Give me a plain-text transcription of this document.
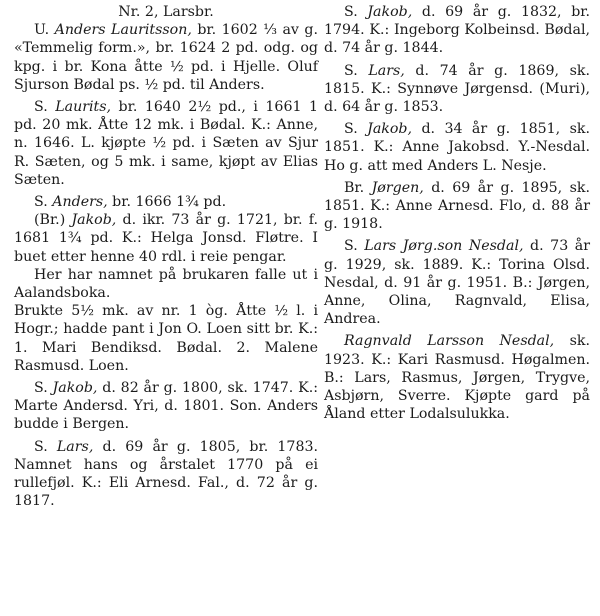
Nr. 2, Larsbr.

U. Anders Lauritsson, br. 1602 ⅓ av g. «Temmelig form.», br. 1624 2 pd. odg. og kpg. i br. Kona åtte ½ pd. i Hjelle. Oluf Sjurson Bødal ps. ½ pd. til Anders.

S. Laurits, br. 1640 2½ pd., i 1661 1 pd. 20 mk. Åtte 12 mk. i Bødal. K.: Anne, n. 1646. L. kjøpte ½ pd. i Sæten av Sjur R. Sæten, og 5 mk. i same, kjøpt av Elias Sæten.

S. Anders, br. 1666 1¾ pd.

(Br.) Jakob, d. ikr. 73 år g. 1721, br. f. 1681 1¾ pd. K.: Helga Jonsd. Fløtre. I buet etter henne 40 rdl. i reie pengar.

Her har namnet på brukaren falle ut i Aalandsboka.

Brukte 5½ mk. av nr. 1 òg. Åtte ½ l. i Hogr.; hadde pant i Jon O. Loen sitt br. K.: 1. Mari Bendiksd. Bødal. 2. Malene Rasmusd. Loen.

S. Jakob, d. 82 år g. 1800, sk. 1747. K.: Marte Andersd. Yri, d. 1801. Son. Anders budde i Bergen.

S. Lars, d. 69 år g. 1805, br. 1783. Namnet hans og årstalet 1770 på ei rullefjøl. K.: Eli Arnesd. Fal., d. 72 år g. 1817.

S. Jakob, d. 69 år g. 1832, br. 1794. K.: Ingeborg Kolbeinsd. Bødal, d. 74 år g. 1844.

S. Lars, d. 74 år g. 1869, sk. 1815. K.: Synnøve Jørgensd. (Muri), d. 64 år g. 1853.

S. Jakob, d. 34 år g. 1851, sk. 1851. K.: Anne Jakobsd. Y.-Nesdal. Ho g. att med Anders L. Nesje.

Br. Jørgen, d. 69 år g. 1895, sk. 1851. K.: Anne Arnesd. Flo, d. 88 år g. 1918.

S. Lars Jørg.son Nesdal, d. 73 år g. 1929, sk. 1889. K.: Torina Olsd. Nesdal, d. 91 år g. 1951. B.: Jørgen, Anne, Olina, Ragnvald, Elisa, Andrea.

Ragnvald Larsson Nesdal, sk. 1923. K.: Kari Rasmusd. Høgalmen. B.: Lars, Rasmus, Jørgen, Trygve, Asbjørn, Sverre. Kjøpte gard på Åland etter Lodalsulukka.
